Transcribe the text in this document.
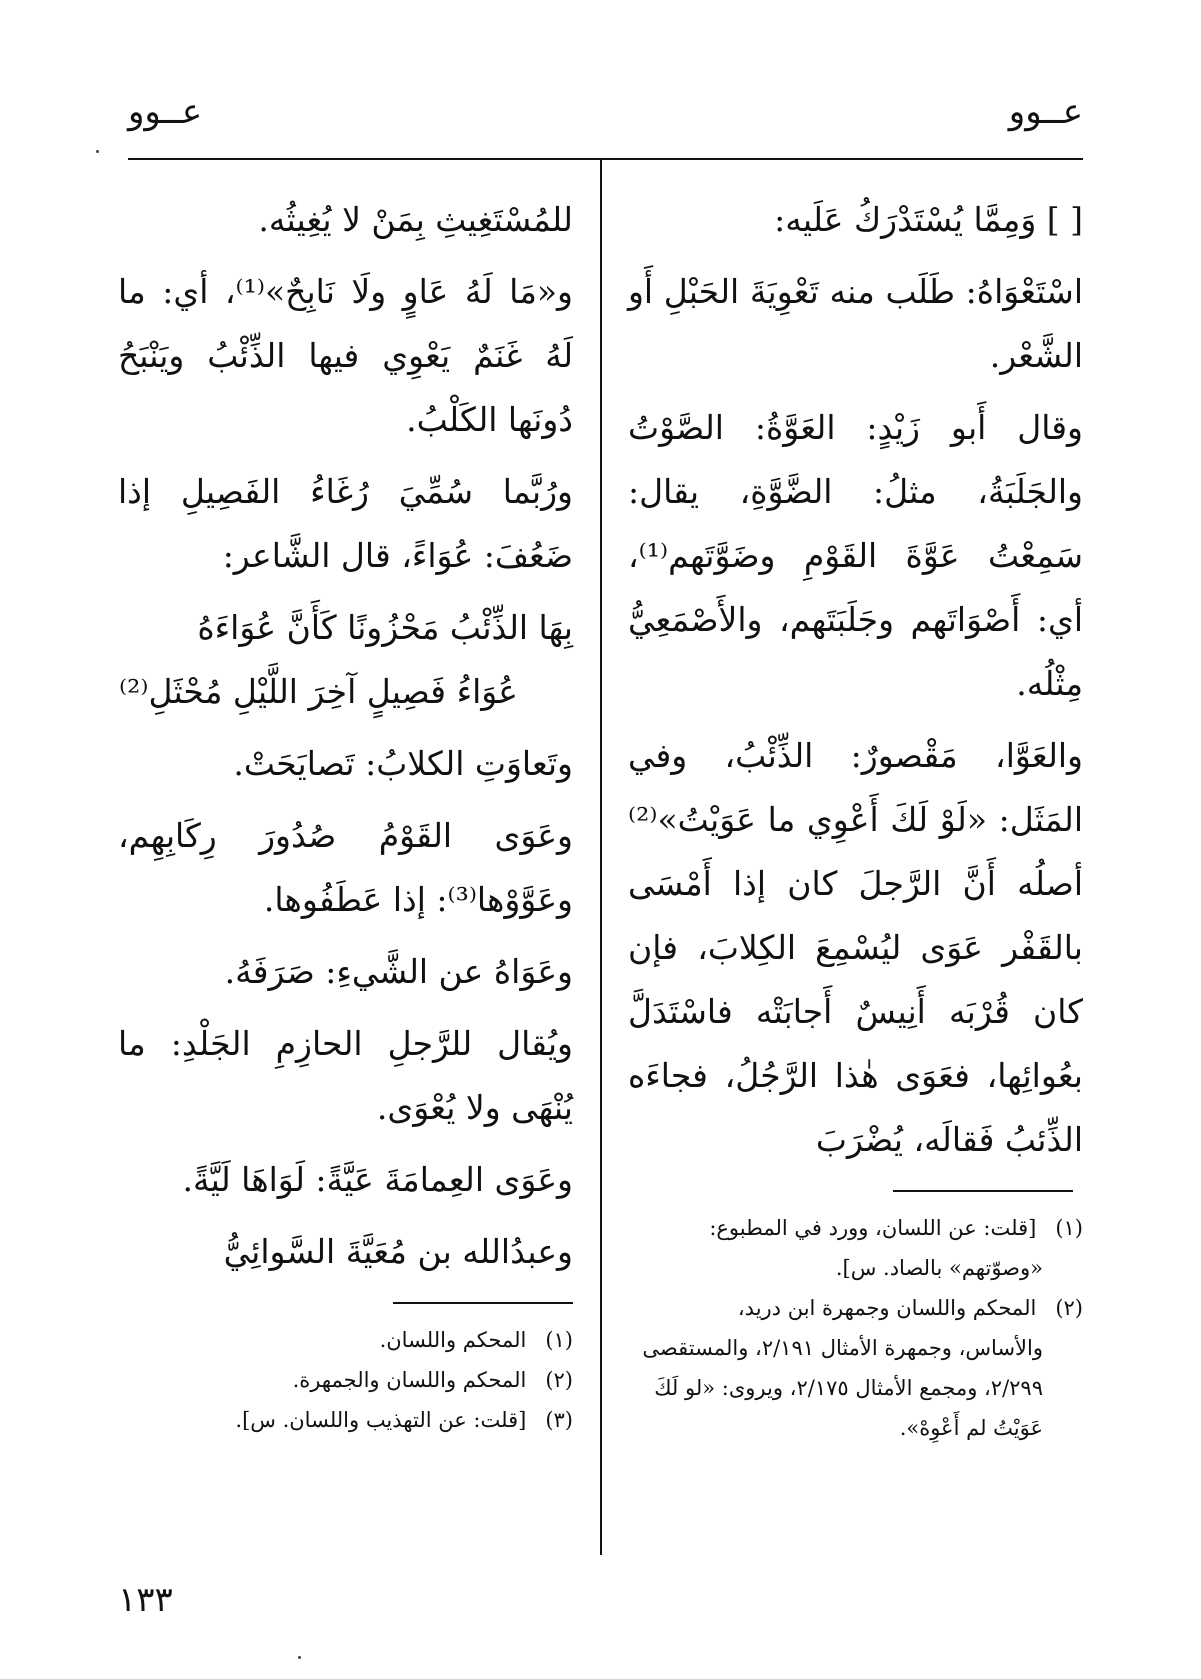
عــوو
عــوو

[ ] وَمِمَّا يُسْتَدْرَكُ عَلَيه:

اسْتَعْوَاهُ: طَلَب منه تَعْوِيَةَ الحَبْلِ أَو الشَّعْر.

وقال أَبو زَيْدٍ: العَوَّةُ: الصَّوْتُ والجَلَبَةُ، مثلُ: الضَّوَّةِ، يقال: سَمِعْتُ عَوَّةَ القَوْمِ وضَوَّتَهم⁽¹⁾، أي: أَصْوَاتَهم وجَلَبَتَهم، والأَصْمَعِيُّ مِثْلُه.

والعَوَّا، مَقْصورٌ: الذِّئْبُ، وفي المَثَل: «لَوْ لَكَ أَعْوِي ما عَوَيْتُ»⁽²⁾ أصلُه أَنَّ الرَّجلَ كان إذا أَمْسَى بالقَفْر عَوَى ليُسْمِعَ الكِلابَ، فإن كان قُرْبَه أَنِيسٌ أَجابَتْه فاسْتَدَلَّ بعُوائِها، فعَوَى هٰذا الرَّجُلُ، فجاءَه الذِّئبُ فَقالَه، يُضْرَبَ

(١) [قلت: عن اللسان، وورد في المطبوع:

«وصوّتهم» بالصاد. س].

(٢) المحكم واللسان وجمهرة ابن دريد،

والأساس، وجمهرة الأمثال ٢/١٩١، والمستقصى ٢/٢٩٩، ومجمع الأمثال ٢/١٧٥، ويروى: «لو لَكَ عَوَيْتُ لم أَعْوِهْ».

للمُسْتَغِيثِ بِمَنْ لا يُغِيثُه.

و«مَا لَهُ عَاوٍ ولَا نَابِحٌ»⁽¹⁾، أي: ما لَهُ غَنَمٌ يَعْوِي فيها الذِّئْبُ ويَنْبَحُ دُونَها الكَلْبُ.

ورُبَّما سُمِّيَ رُغَاءُ الفَصِيلِ إذا ضَعُفَ: عُوَاءً، قال الشَّاعر:

بِهَا الذِّئْبُ مَحْزُونًا كَأَنَّ عُوَاءَهُ

عُوَاءُ فَصِيلٍ آخِرَ اللَّيْلِ مُحْثَلِ⁽²⁾

وتَعاوَتِ الكلابُ: تَصايَحَتْ.

وعَوَى القَوْمُ صُدُورَ رِكَابِهِم، وعَوَّوْها⁽³⁾: إذا عَطَفُوها.

وعَوَاهُ عن الشَّيءِ: صَرَفَهُ.

ويُقال للرَّجلِ الحازِمِ الجَلْدِ: ما يُنْهَى ولا يُعْوَى.

وعَوَى العِمامَةَ عَيَّةً: لَوَاهَا لَيَّةً.

وعبدُالله بن مُعَيَّةَ السَّوائِيُّ

(١) المحكم واللسان.

(٢) المحكم واللسان والجمهرة.

(٣) [قلت: عن التهذيب واللسان. س].

١٣٣
